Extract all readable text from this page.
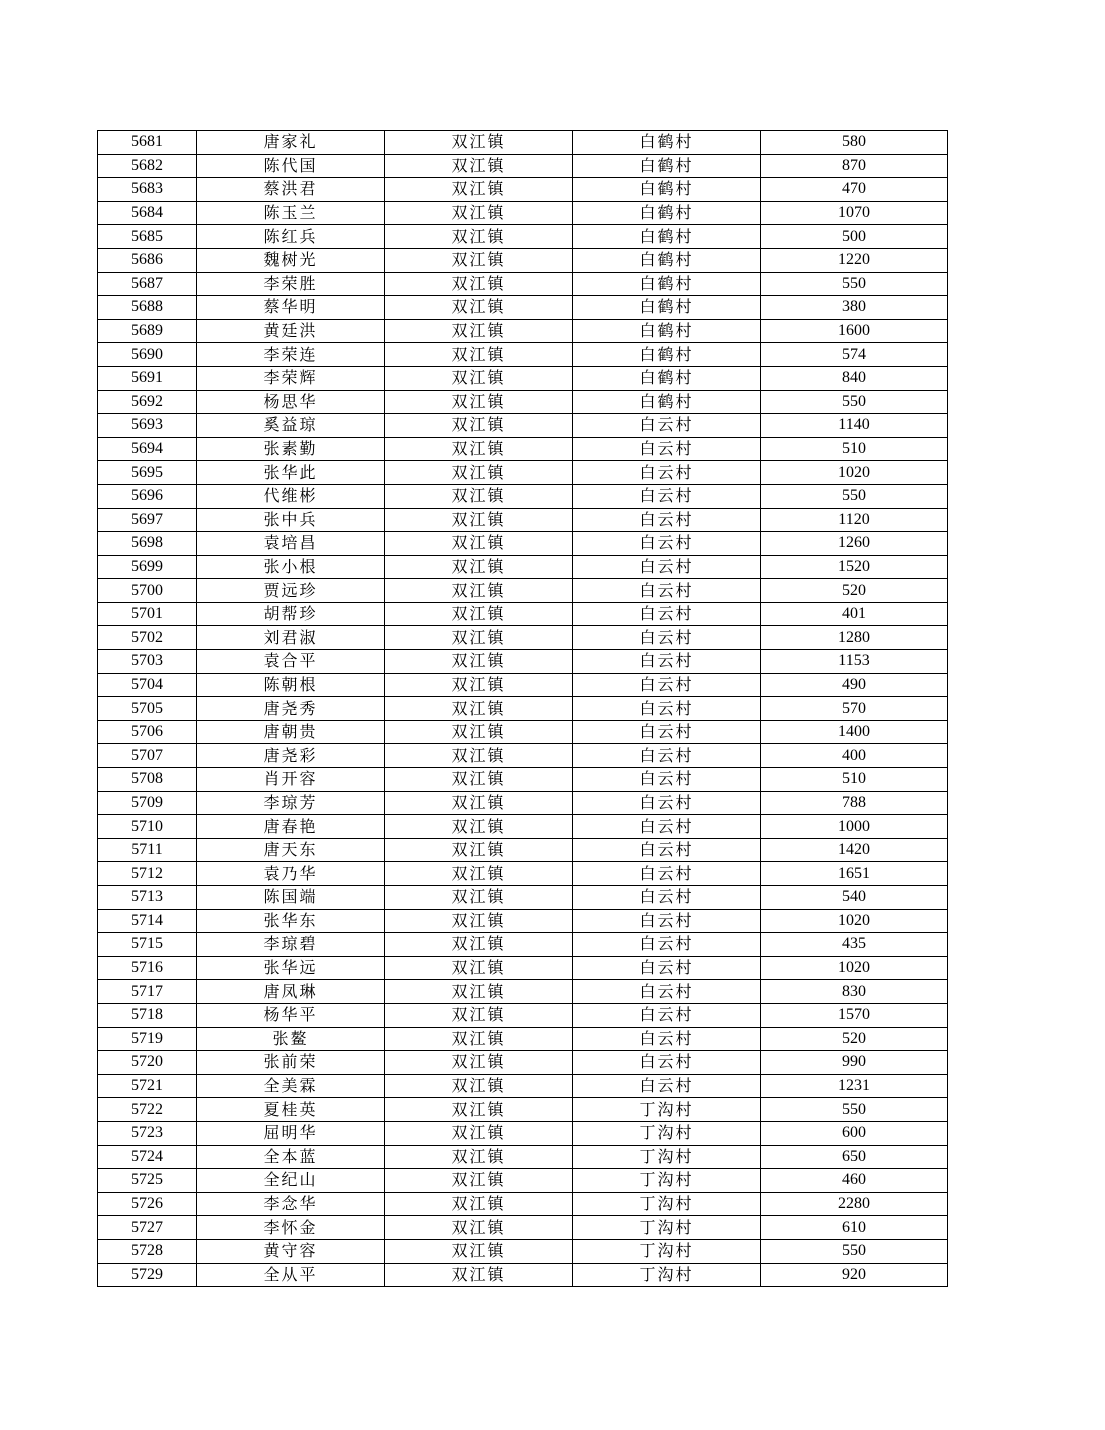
5681	唐家礼	双江镇	白鹤村	580
5682	陈代国	双江镇	白鹤村	870
5683	蔡洪君	双江镇	白鹤村	470
5684	陈玉兰	双江镇	白鹤村	1070
5685	陈红兵	双江镇	白鹤村	500
5686	魏树光	双江镇	白鹤村	1220
5687	李荣胜	双江镇	白鹤村	550
5688	蔡华明	双江镇	白鹤村	380
5689	黄廷洪	双江镇	白鹤村	1600
5690	李荣连	双江镇	白鹤村	574
5691	李荣辉	双江镇	白鹤村	840
5692	杨思华	双江镇	白鹤村	550
5693	奚益琼	双江镇	白云村	1140
5694	张素勤	双江镇	白云村	510
5695	张华此	双江镇	白云村	1020
5696	代维彬	双江镇	白云村	550
5697	张中兵	双江镇	白云村	1120
5698	袁培昌	双江镇	白云村	1260
5699	张小根	双江镇	白云村	1520
5700	贾远珍	双江镇	白云村	520
5701	胡帮珍	双江镇	白云村	401
5702	刘君淑	双江镇	白云村	1280
5703	袁合平	双江镇	白云村	1153
5704	陈朝根	双江镇	白云村	490
5705	唐尧秀	双江镇	白云村	570
5706	唐朝贵	双江镇	白云村	1400
5707	唐尧彩	双江镇	白云村	400
5708	肖开容	双江镇	白云村	510
5709	李琼芳	双江镇	白云村	788
5710	唐春艳	双江镇	白云村	1000
5711	唐天东	双江镇	白云村	1420
5712	袁乃华	双江镇	白云村	1651
5713	陈国端	双江镇	白云村	540
5714	张华东	双江镇	白云村	1020
5715	李琼碧	双江镇	白云村	435
5716	张华远	双江镇	白云村	1020
5717	唐凤琳	双江镇	白云村	830
5718	杨华平	双江镇	白云村	1570
5719	张鳌	双江镇	白云村	520
5720	张前荣	双江镇	白云村	990
5721	全美霖	双江镇	白云村	1231
5722	夏桂英	双江镇	丁沟村	550
5723	屈明华	双江镇	丁沟村	600
5724	全本蓝	双江镇	丁沟村	650
5725	全纪山	双江镇	丁沟村	460
5726	李念华	双江镇	丁沟村	2280
5727	李怀金	双江镇	丁沟村	610
5728	黄守容	双江镇	丁沟村	550
5729	全从平	双江镇	丁沟村	920
